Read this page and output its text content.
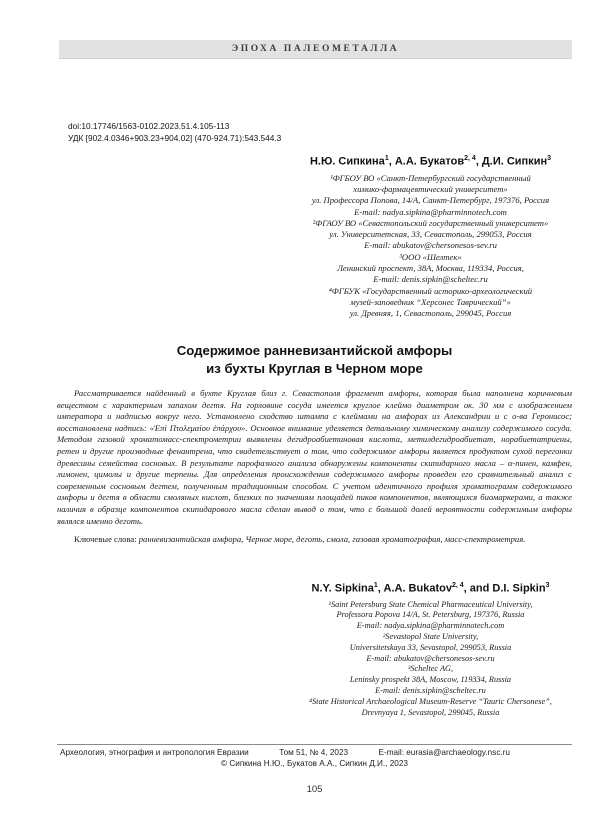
ЭПОХА ПАЛЕОМЕТАЛЛА
doi:10.17746/1563-0102.2023.51.4.105-113
УДК [902.4.0346+903.23+904.02] (470-924.71):543.544.3
Н.Ю. Сипкина$^1$, А.А. Букатов$^{2, 4}$, Д.И. Сипкин$^3$
¹ФГБОУ ВО «Санкт-Петербургский государственный
химико-фармацевтический университет»
ул. Профессора Попова, 14/А, Санкт-Петербург, 197376, Россия
E-mail: nadya.sipkina@pharminnotech.com
²ФГАОУ ВО «Севастопольский государственный университет»
ул. Университетская, 33, Севастополь, 299053, Россия
E-mail: abukatov@chersonesos-sev.ru
³ООО «Шелтек»
Ленинский проспект, 38А, Москва, 119334, Россия,
E-mail: denis.sipkin@scheltec.ru
⁴ФГБУК «Государственный историко-археологический
музей-заповедник “Херсонес Таврический”»
ул. Древняя, 1, Севастополь, 299045, Россия
Содержимое ранневизантийской амфоры
из бухты Круглая в Черном море

Рассматривается найденный в бухте Круглая близ г. Севастополя фрагмент амфоры, которая была наполнена коричневым веществом с характерным запахом дегтя. На горловине сосуда имеется круглое клеймо диаметром ок. 30 мм с изображением императора и надписью вокруг него. Установлено сходство штампа с клеймами на амфорах из Александрии и с о-ва Геронисос; восстановлена надпись: «Ἐπὶ Πτολεμαίου ἐπάρχου». Основное внимание уделяется детальному химическому анализу содержимого сосуда. Методом газовой хроматомасс-спектрометрии выявлены дегидроабиетиновая кислота, метилдегидроабиетат, норабиетатриены, ретен и другие производные фенантрена, что свидетельствует о том, что содержимое амфоры является продуктом сухой перегонки древесины семейства сосновых. В результате парофазного анализа обнаружены компоненты скипидарного масла – α-пинен, камфен, лимонен, цимолы и другие терпены. Для определения происхождения содержимого амфоры проведен его сравнительный анализ с современным сосновым дегтем, полученным традиционным способом. С учетом идентичного профиля хроматограмм содержимого амфоры и дегтя в области смоляных кислот, близких по значениям площадей пиков компонентов, являющихся биомаркерами, а также наличия в образце компонентов скипидарового масла сделан вывод о том, что с большой долей вероятности содержимым амфоры являлся именно деготь.

Ключевые слова: ранневизантийская амфора, Черное море, деготь, смола, газовая хроматография, масс-спектрометрия.

N.Y. Sipkina$^1$, A.A. Bukatov$^{2, 4}$, and D.I. Sipkin$^3$
¹Saint Petersburg State Chemical Pharmaceutical University,
Professora Popova 14/A, St. Petersburg, 197376, Russia
E-mail: nadya.sipkina@pharminnotech.com
²Sevastopol State University,
Universitetskaya 33, Sevastopol, 299053, Russia
E-mail: abukatov@chersonesos-sev.ru
³Scheltec AG,
Leninsky prospekt 38A, Moscow, 119334, Russia
E-mail: denis.sipkin@scheltec.ru
⁴State Historical Archaeological Museum-Reserve “Tauric Chersonese”,
Drevnyaya 1, Sevastopol, 299045, Russia
Археология, этнография и антропология Евразии	Том 51, № 4, 2023	E-mail: eurasia@archaeology.nsc.ru
© Сипкина Н.Ю., Букатов А.А., Сипкин Д.И., 2023
105
